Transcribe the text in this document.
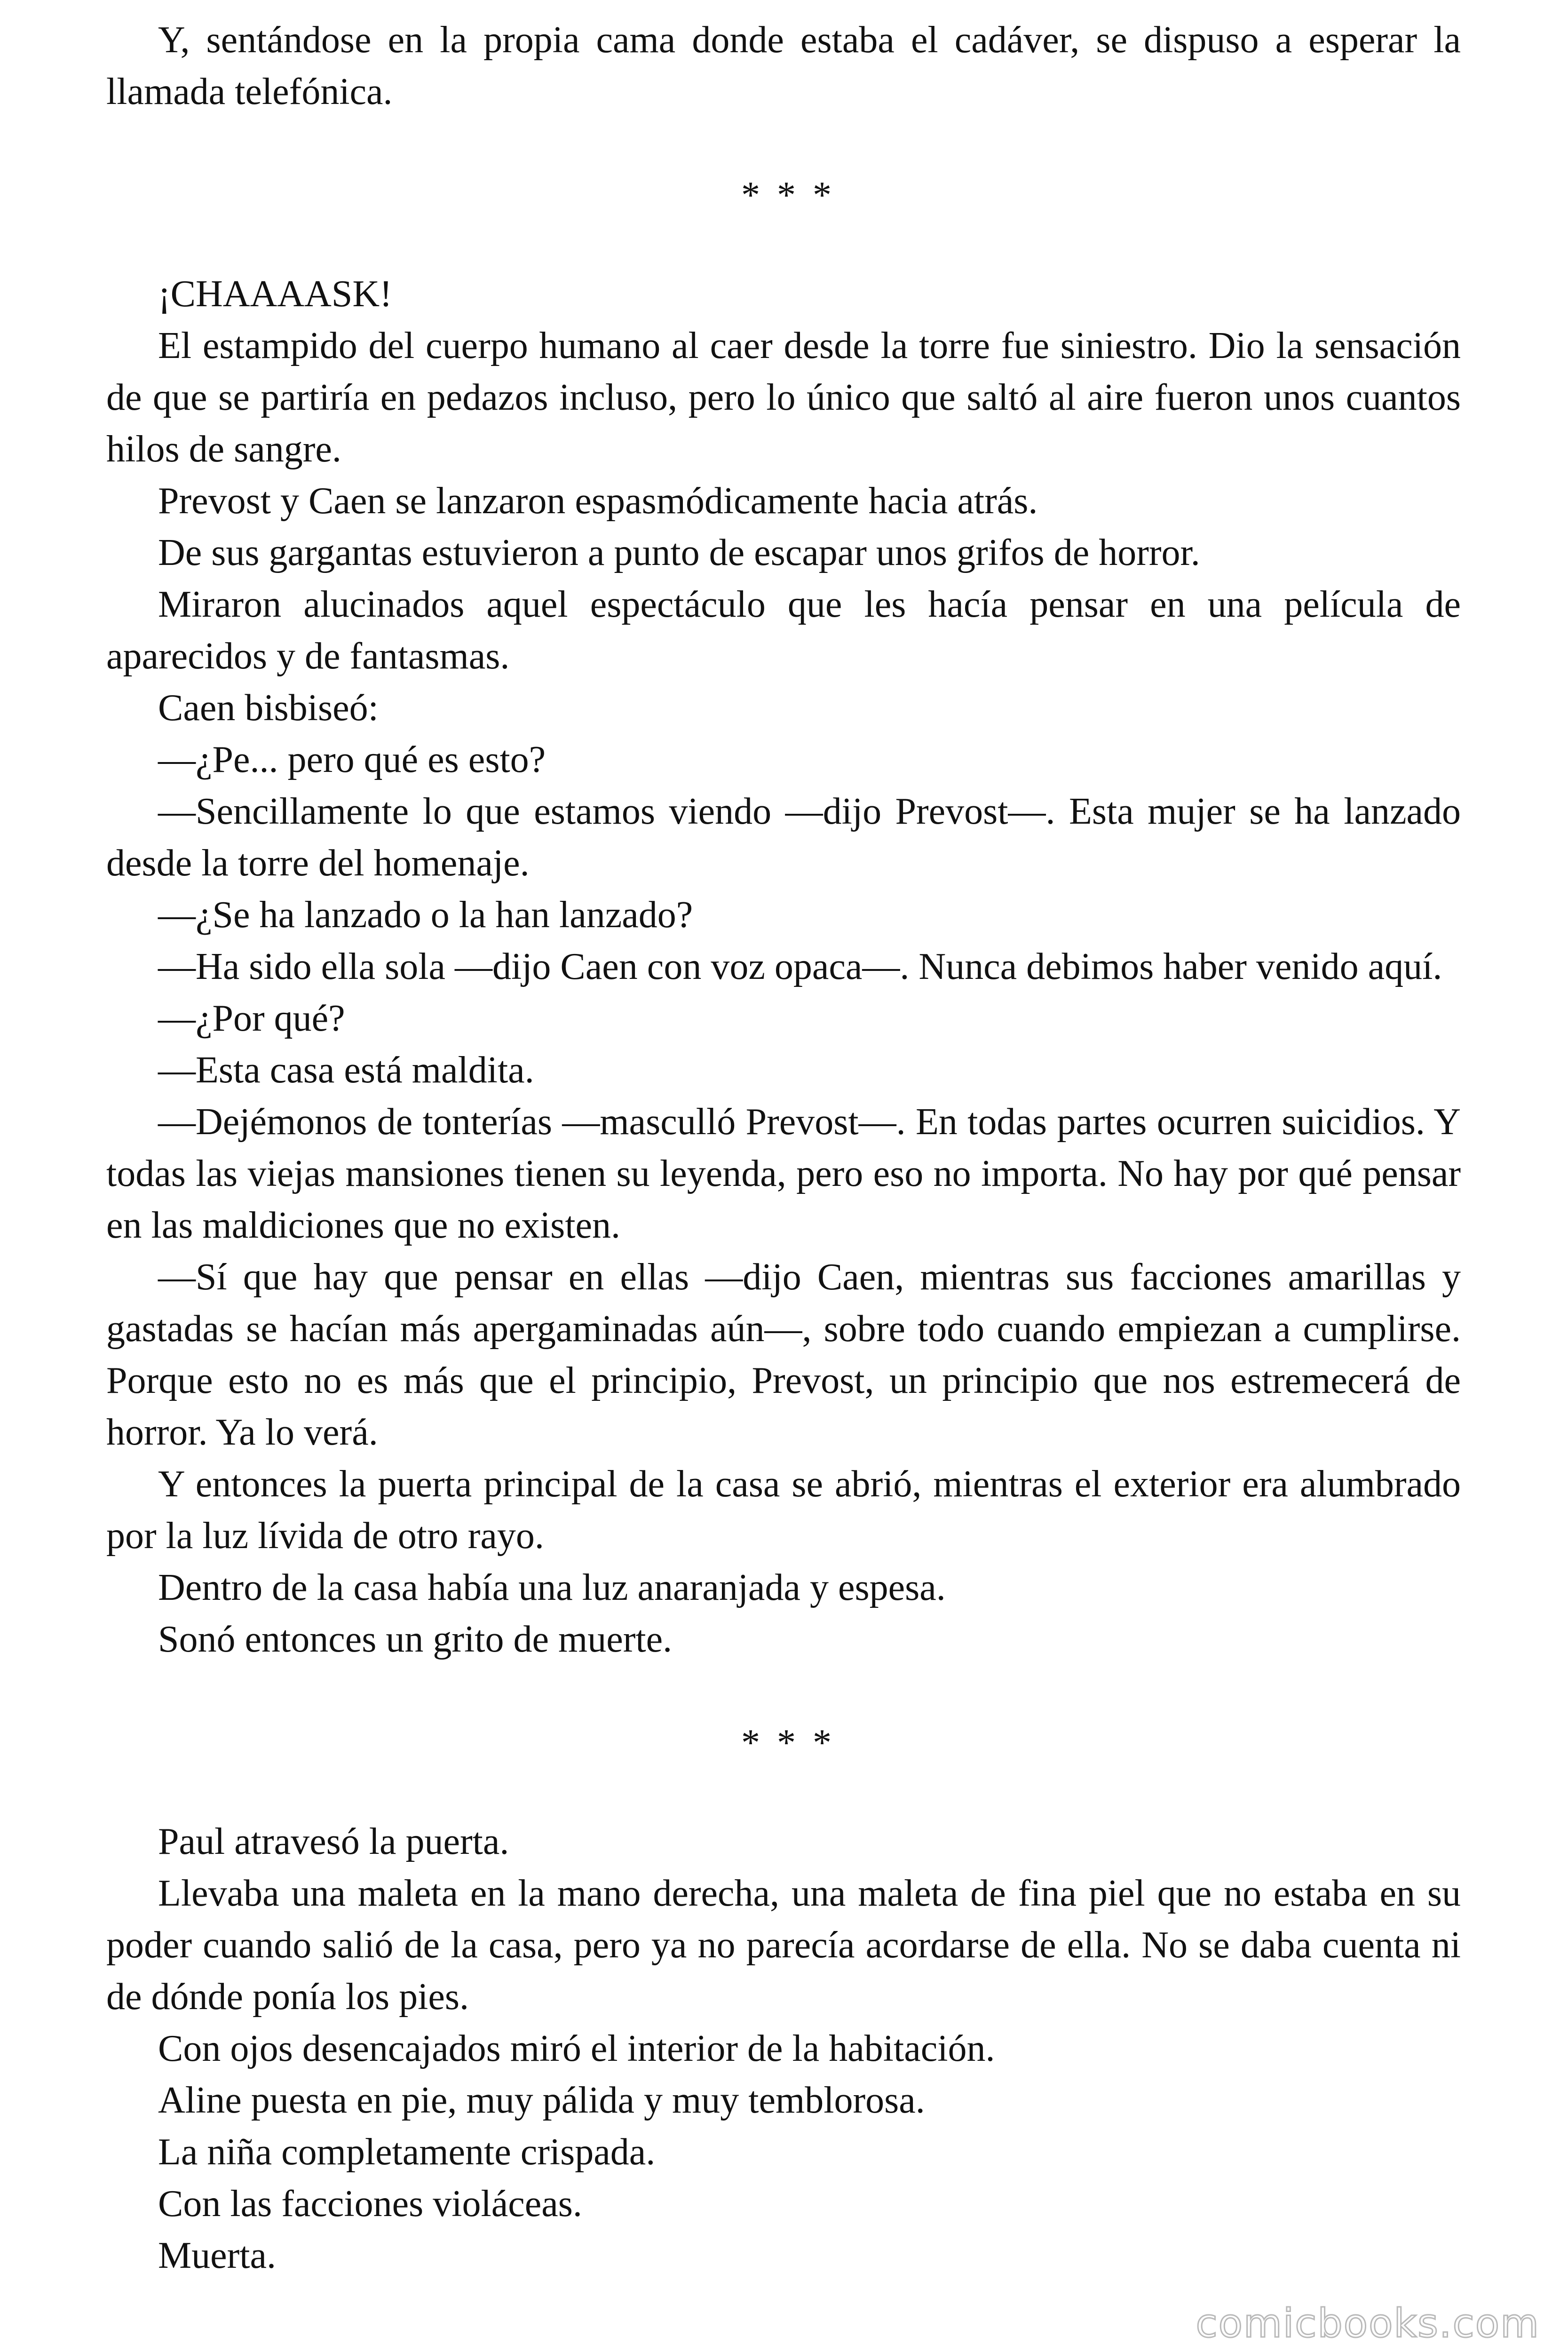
Y, sentándose en la propia cama donde estaba el cadáver, se dispuso a esperar la llamada telefónica.

* * *

¡CHAAAASK!

El estampido del cuerpo humano al caer desde la torre fue siniestro. Dio la sensación de que se partiría en pedazos incluso, pero lo único que saltó al aire fueron unos cuantos hilos de sangre.

Prevost y Caen se lanzaron espasmódicamente hacia atrás.

De sus gargantas estuvieron a punto de escapar unos grifos de horror.

Miraron alucinados aquel espectáculo que les hacía pensar en una película de aparecidos y de fantasmas.

Caen bisbiseó:

—¿Pe... pero qué es esto?

—Sencillamente lo que estamos viendo —dijo Prevost—. Esta mujer se ha lanzado desde la torre del homenaje.

—¿Se ha lanzado o la han lanzado?

—Ha sido ella sola —dijo Caen con voz opaca—. Nunca debimos haber venido aquí.

—¿Por qué?

—Esta casa está maldita.

—Dejémonos de tonterías —masculló Prevost—. En todas partes ocurren suicidios. Y todas las viejas mansiones tienen su leyenda, pero eso no importa. No hay por qué pensar en las maldiciones que no existen.

—Sí que hay que pensar en ellas —dijo Caen, mientras sus facciones amarillas y gastadas se hacían más apergaminadas aún—, sobre todo cuando empiezan a cumplirse. Porque esto no es más que el principio, Prevost, un principio que nos estremecerá de horror. Ya lo verá.

Y entonces la puerta principal de la casa se abrió, mientras el exterior era alumbrado por la luz lívida de otro rayo.

Dentro de la casa había una luz anaranjada y espesa.

Sonó entonces un grito de muerte.

* * *

Paul atravesó la puerta.

Llevaba una maleta en la mano derecha, una maleta de fina piel que no estaba en su poder cuando salió de la casa, pero ya no parecía acordarse de ella. No se daba cuenta ni de dónde ponía los pies.

Con ojos desencajados miró el interior de la habitación.

Aline puesta en pie, muy pálida y muy temblorosa.

La niña completamente crispada.

Con las facciones violáceas.

Muerta.

comicbooks.com
